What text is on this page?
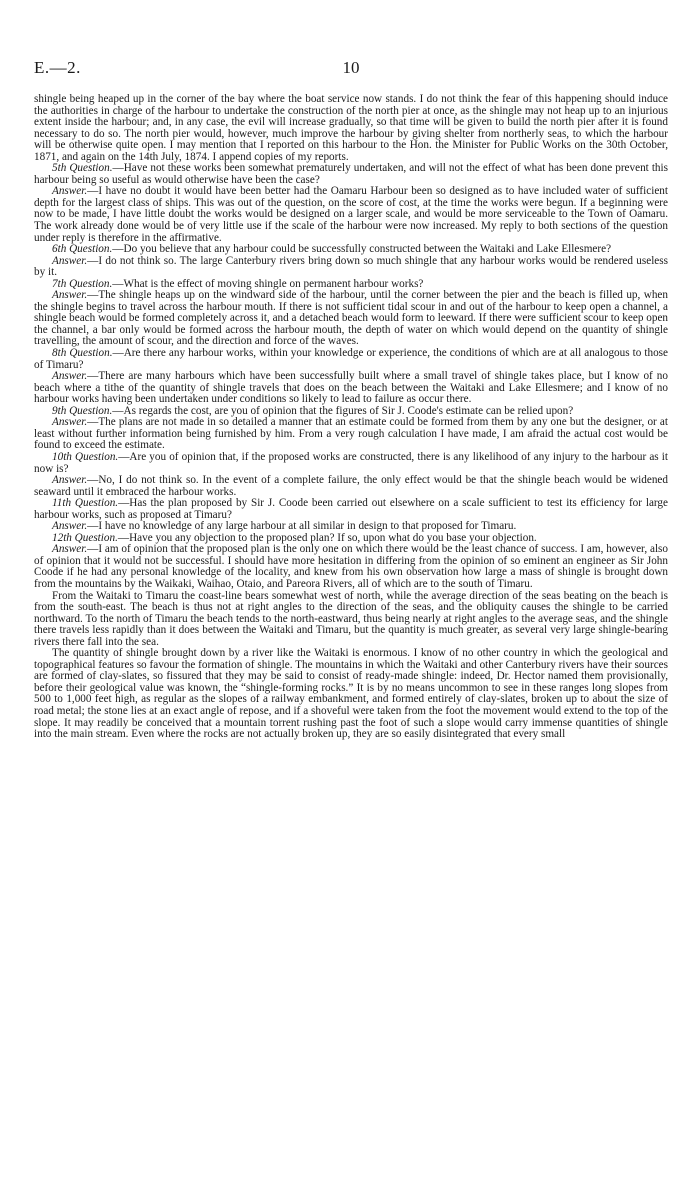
E.—2.	10

shingle being heaped up in the corner of the bay where the boat service now stands. I do not think the fear of this happening should induce the authorities in charge of the harbour to undertake the construction of the north pier at once, as the shingle may not heap up to an injurious extent inside the harbour; and, in any case, the evil will increase gradually, so that time will be given to build the north pier after it is found necessary to do so. The north pier would, however, much improve the harbour by giving shelter from northerly seas, to which the harbour will be otherwise quite open. I may mention that I reported on this harbour to the Hon. the Minister for Public Works on the 30th October, 1871, and again on the 14th July, 1874. I append copies of my reports.

5th Question.—Have not these works been somewhat prematurely undertaken, and will not the effect of what has been done prevent this harbour being so useful as would otherwise have been the case?

Answer.—I have no doubt it would have been better had the Oamaru Harbour been so designed as to have included water of sufficient depth for the largest class of ships. This was out of the question, on the score of cost, at the time the works were begun. If a beginning were now to be made, I have little doubt the works would be designed on a larger scale, and would be more serviceable to the Town of Oamaru. The work already done would be of very little use if the scale of the harbour were now increased. My reply to both sections of the question under reply is therefore in the affirmative.

6th Question.—Do you believe that any harbour could be successfully constructed between the Waitaki and Lake Ellesmere?

Answer.—I do not think so. The large Canterbury rivers bring down so much shingle that any harbour works would be rendered useless by it.

7th Question.—What is the effect of moving shingle on permanent harbour works?

Answer.—The shingle heaps up on the windward side of the harbour, until the corner between the pier and the beach is filled up, when the shingle begins to travel across the harbour mouth. If there is not sufficient tidal scour in and out of the harbour to keep open a channel, a shingle beach would be formed completely across it, and a detached beach would form to leeward. If there were sufficient scour to keep open the channel, a bar only would be formed across the harbour mouth, the depth of water on which would depend on the quantity of shingle travelling, the amount of scour, and the direction and force of the waves.

8th Question.—Are there any harbour works, within your knowledge or experience, the conditions of which are at all analogous to those of Timaru?

Answer.—There are many harbours which have been successfully built where a small travel of shingle takes place, but I know of no beach where a tithe of the quantity of shingle travels that does on the beach between the Waitaki and Lake Ellesmere; and I know of no harbour works having been undertaken under conditions so likely to lead to failure as occur there.

9th Question.—As regards the cost, are you of opinion that the figures of Sir J. Coode's estimate can be relied upon?

Answer.—The plans are not made in so detailed a manner that an estimate could be formed from them by any one but the designer, or at least without further information being furnished by him. From a very rough calculation I have made, I am afraid the actual cost would be found to exceed the estimate.

10th Question.—Are you of opinion that, if the proposed works are constructed, there is any likelihood of any injury to the harbour as it now is?

Answer.—No, I do not think so. In the event of a complete failure, the only effect would be that the shingle beach would be widened seaward until it embraced the harbour works.

11th Question.—Has the plan proposed by Sir J. Coode been carried out elsewhere on a scale sufficient to test its efficiency for large harbour works, such as proposed at Timaru?

Answer.—I have no knowledge of any large harbour at all similar in design to that proposed for Timaru.

12th Question.—Have you any objection to the proposed plan? If so, upon what do you base your objection.

Answer.—I am of opinion that the proposed plan is the only one on which there would be the least chance of success. I am, however, also of opinion that it would not be successful. I should have more hesitation in differing from the opinion of so eminent an engineer as Sir John Coode if he had any personal knowledge of the locality, and knew from his own observation how large a mass of shingle is brought down from the mountains by the Waikaki, Waihao, Otaio, and Pareora Rivers, all of which are to the south of Timaru.

From the Waitaki to Timaru the coast-line bears somewhat west of north, while the average direction of the seas beating on the beach is from the south-east. The beach is thus not at right angles to the direction of the seas, and the obliquity causes the shingle to be carried northward. To the north of Timaru the beach tends to the north-eastward, thus being nearly at right angles to the average seas, and the shingle there travels less rapidly than it does between the Waitaki and Timaru, but the quantity is much greater, as several very large shingle-bearing rivers there fall into the sea.

The quantity of shingle brought down by a river like the Waitaki is enormous. I know of no other country in which the geological and topographical features so favour the formation of shingle. The mountains in which the Waitaki and other Canterbury rivers have their sources are formed of clay-slates, so fissured that they may be said to consist of ready-made shingle: indeed, Dr. Hector named them provisionally, before their geological value was known, the “shingle-forming rocks.” It is by no means uncommon to see in these ranges long slopes from 500 to 1,000 feet high, as regular as the slopes of a railway embankment, and formed entirely of clay-slates, broken up to about the size of road metal; the stone lies at an exact angle of repose, and if a shoveful were taken from the foot the movement would extend to the top of the slope. It may readily be conceived that a mountain torrent rushing past the foot of such a slope would carry immense quantities of shingle into the main stream. Even where the rocks are not actually broken up, they are so easily disintegrated that every small
